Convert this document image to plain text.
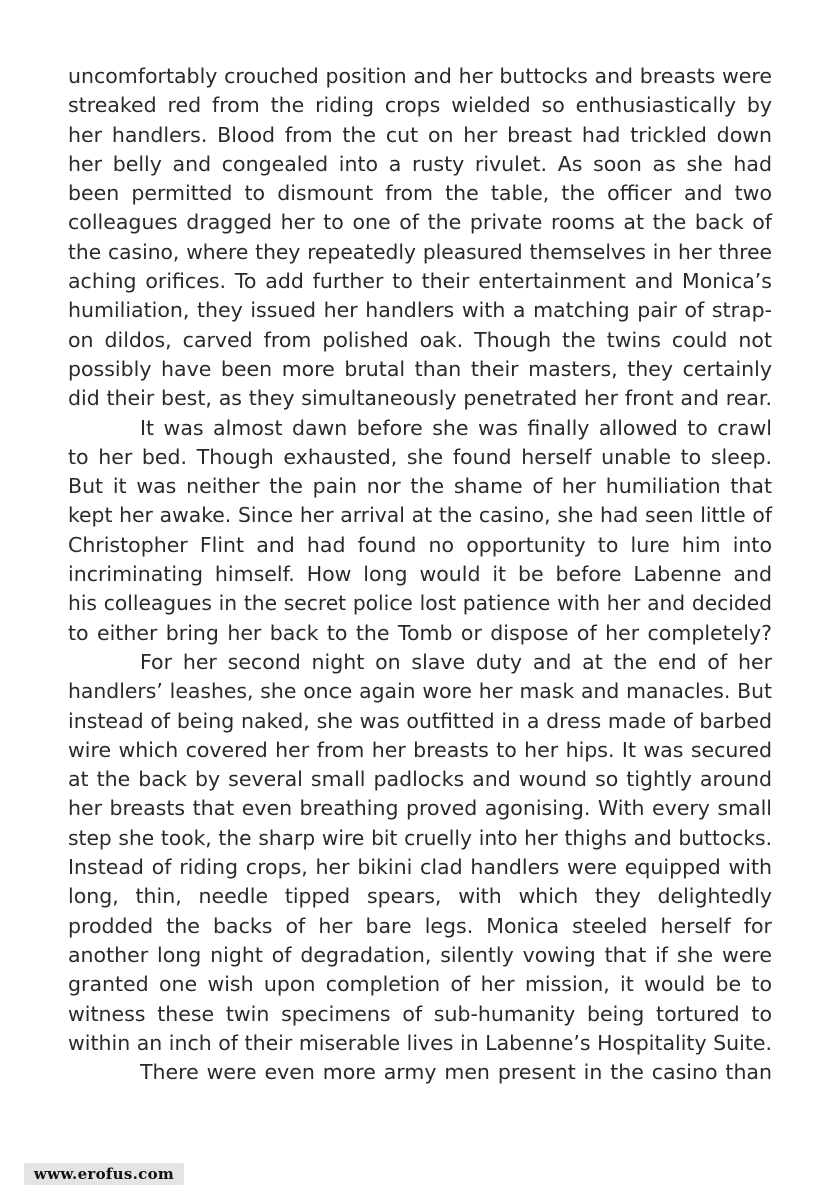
uncomfortably crouched position and her buttocks and breasts were
streaked red from the riding crops wielded so enthusiastically by
her handlers. Blood from the cut on her breast had trickled down
her belly and congealed into a rusty rivulet. As soon as she had
been permitted to dismount from the table, the officer and two
colleagues dragged her to one of the private rooms at the back of
the casino, where they repeatedly pleasured themselves in her three
aching orifices. To add further to their entertainment and Monica’s
humiliation, they issued her handlers with a matching pair of strap-
on dildos, carved from polished oak. Though the twins could not
possibly have been more brutal than their masters, they certainly
did their best, as they simultaneously penetrated her front and rear.
It was almost dawn before she was finally allowed to crawl
to her bed. Though exhausted, she found herself unable to sleep.
But it was neither the pain nor the shame of her humiliation that
kept her awake. Since her arrival at the casino, she had seen little of
Christopher Flint and had found no opportunity to lure him into
incriminating himself. How long would it be before Labenne and
his colleagues in the secret police lost patience with her and decided
to either bring her back to the Tomb or dispose of her completely?
For her second night on slave duty and at the end of her
handlers’ leashes, she once again wore her mask and manacles. But
instead of being naked, she was outfitted in a dress made of barbed
wire which covered her from her breasts to her hips. It was secured
at the back by several small padlocks and wound so tightly around
her breasts that even breathing proved agonising. With every small
step she took, the sharp wire bit cruelly into her thighs and buttocks.
Instead of riding crops, her bikini clad handlers were equipped with
long, thin, needle tipped spears, with which they delightedly
prodded the backs of her bare legs. Monica steeled herself for
another long night of degradation, silently vowing that if she were
granted one wish upon completion of her mission, it would be to
witness these twin specimens of sub-humanity being tortured to
within an inch of their miserable lives in Labenne’s Hospitality Suite.
There were even more army men present in the casino than
www.erofus.com
